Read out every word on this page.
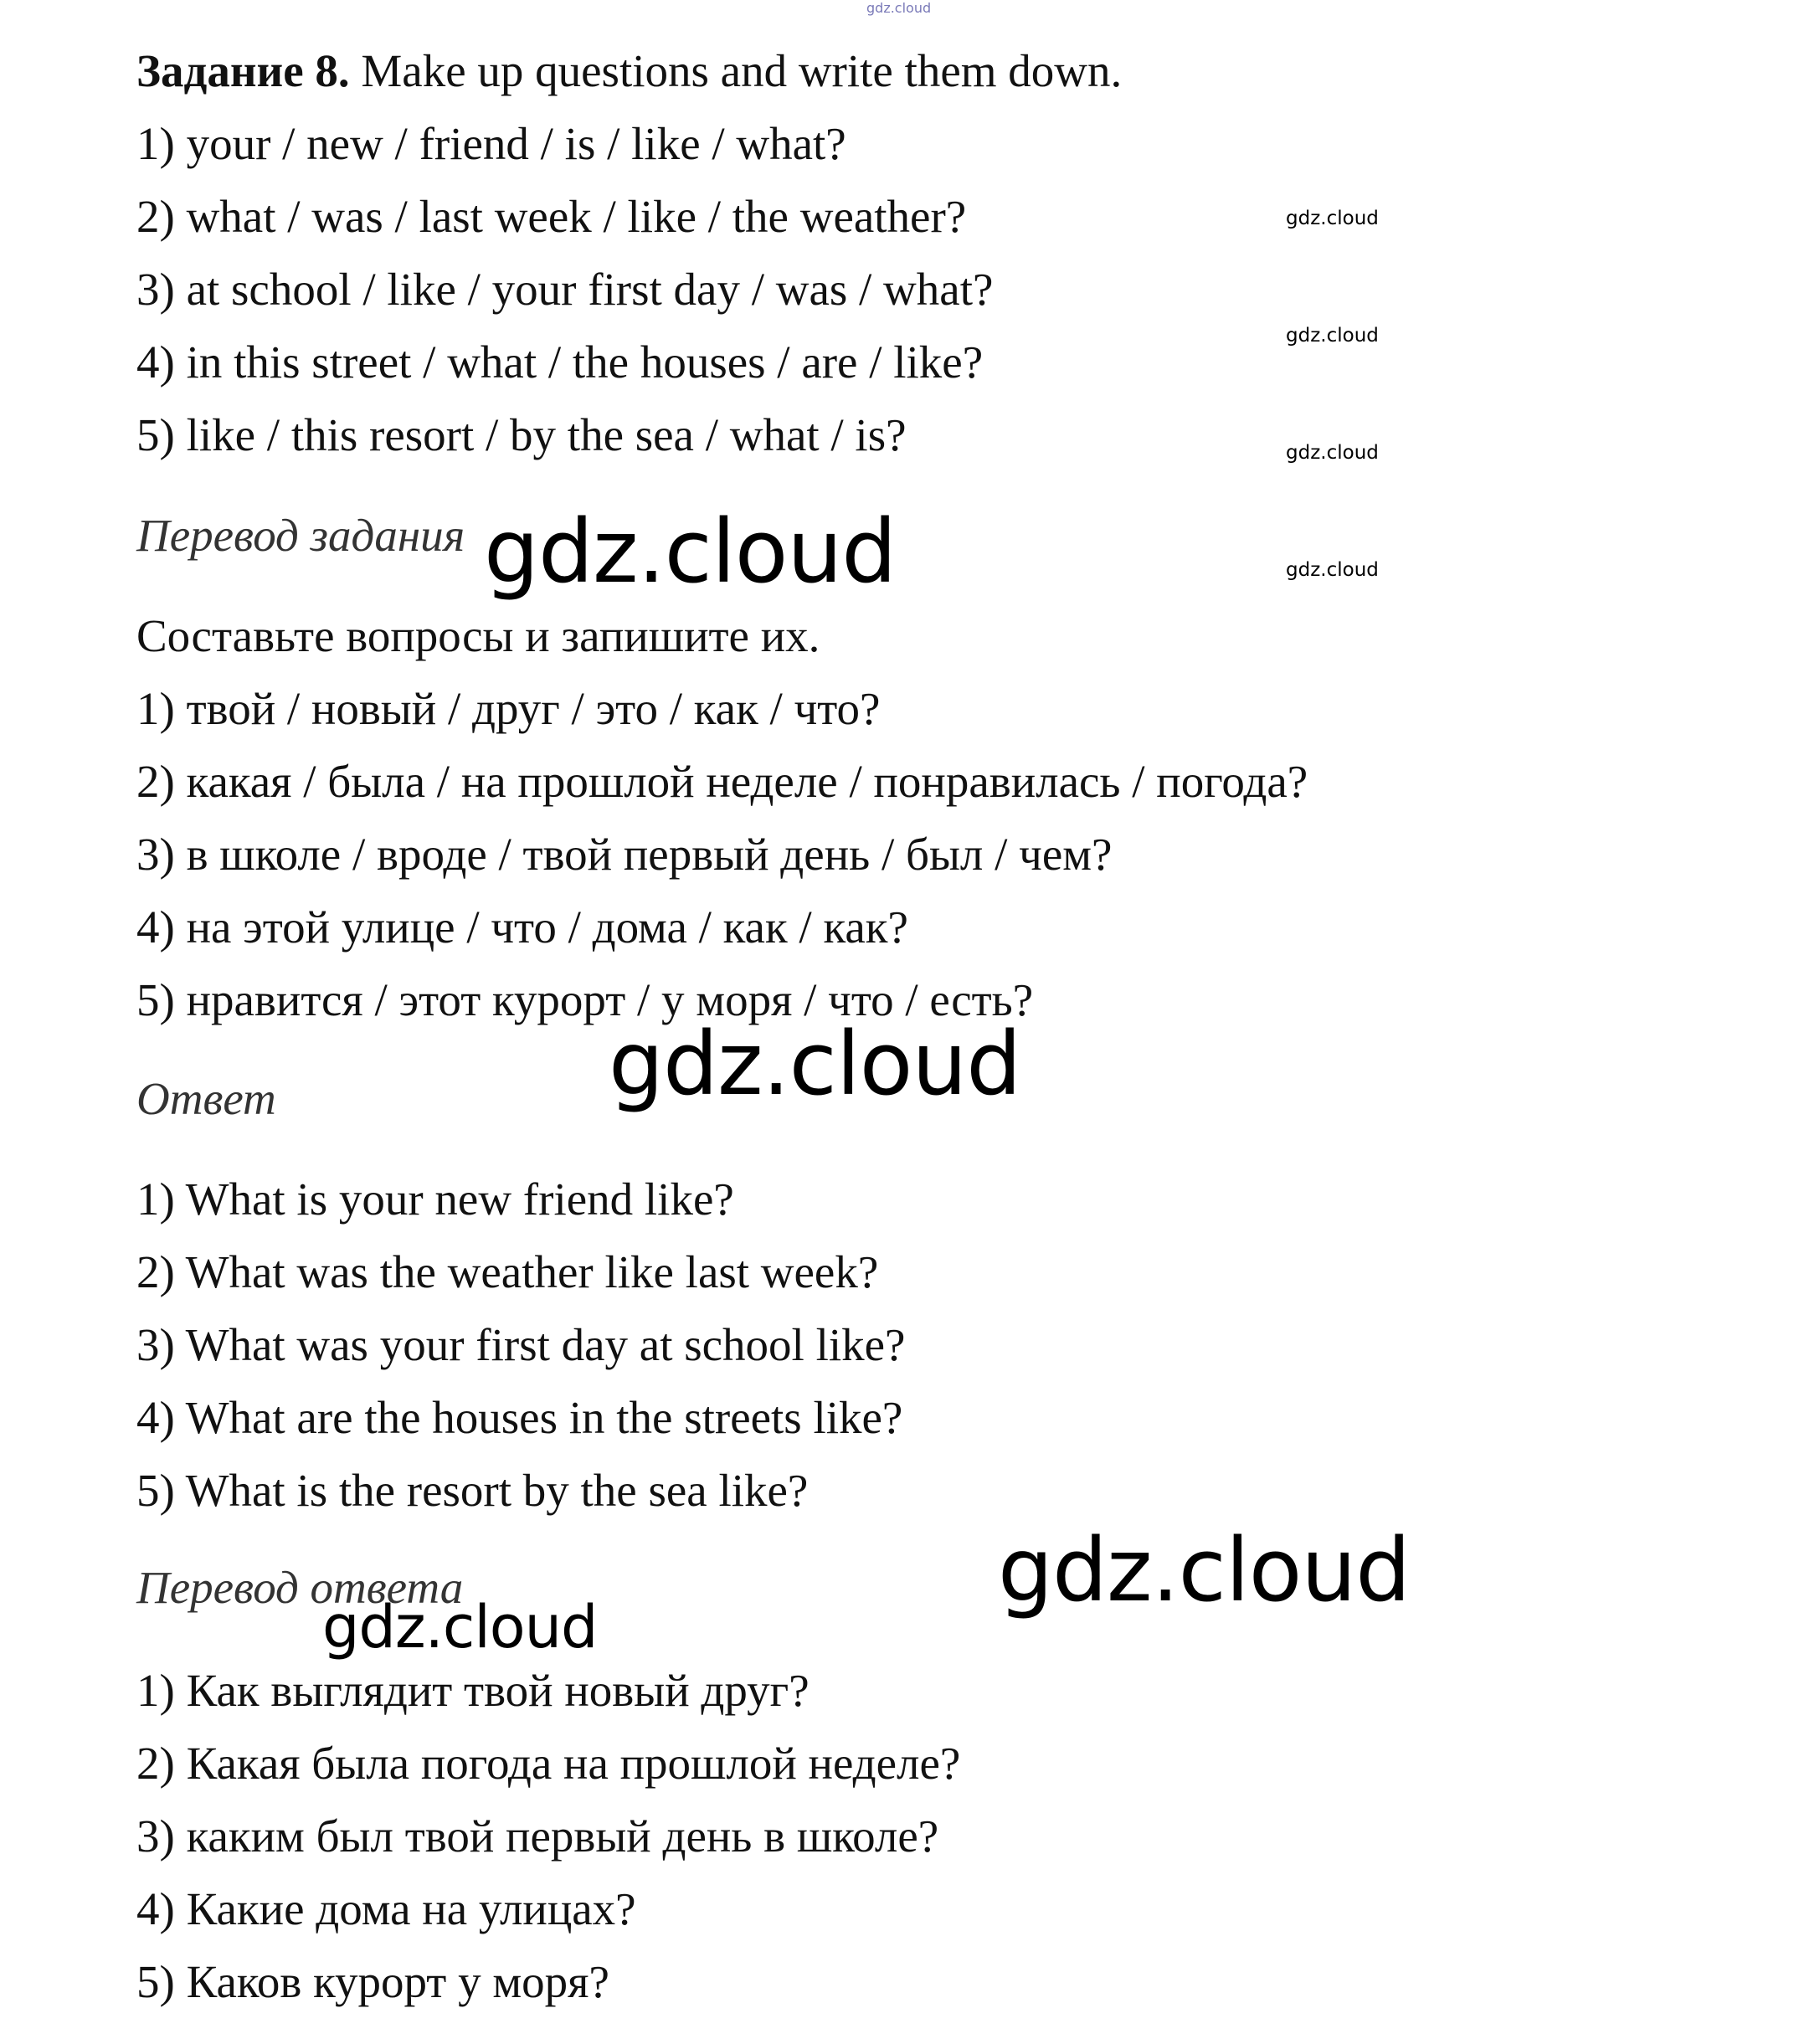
gdz.cloud
Задание 8. Make up questions and write them down.
1) your / new / friend / is / like / what?
2) what / was / last week / like / the weather?
3) at school / like / your first day / was / what?
4) in this street / what / the houses / are / like?
5) like / this resort / by the sea / what / is?
gdz.cloud
gdz.cloud
gdz.cloud
gdz.cloud
Перевод задания gdz.cloud
Составьте вопросы и запишите их.
1) твой / новый / друг / это / как / что?
2) какая / была / на прошлой неделе / понравилась / погода?
3) в школе / вроде / твой первый день / был / чем?
4) на этой улице / что / дома / как / как?
5) нравится / этот курорт / у моря / что / есть?
gdz.cloud
Ответ
1) What is your new friend like?
2) What was the weather like last week?
3) What was your first day at school like?
4) What are the houses in the streets like?
5) What is the resort by the sea like?
gdz.cloud
Перевод ответа
gdz.cloud
1) Как выглядит твой новый друг?
2) Какая была погода на прошлой неделе?
3) каким был твой первый день в школе?
4) Какие дома на улицах?
5) Каков курорт у моря?
